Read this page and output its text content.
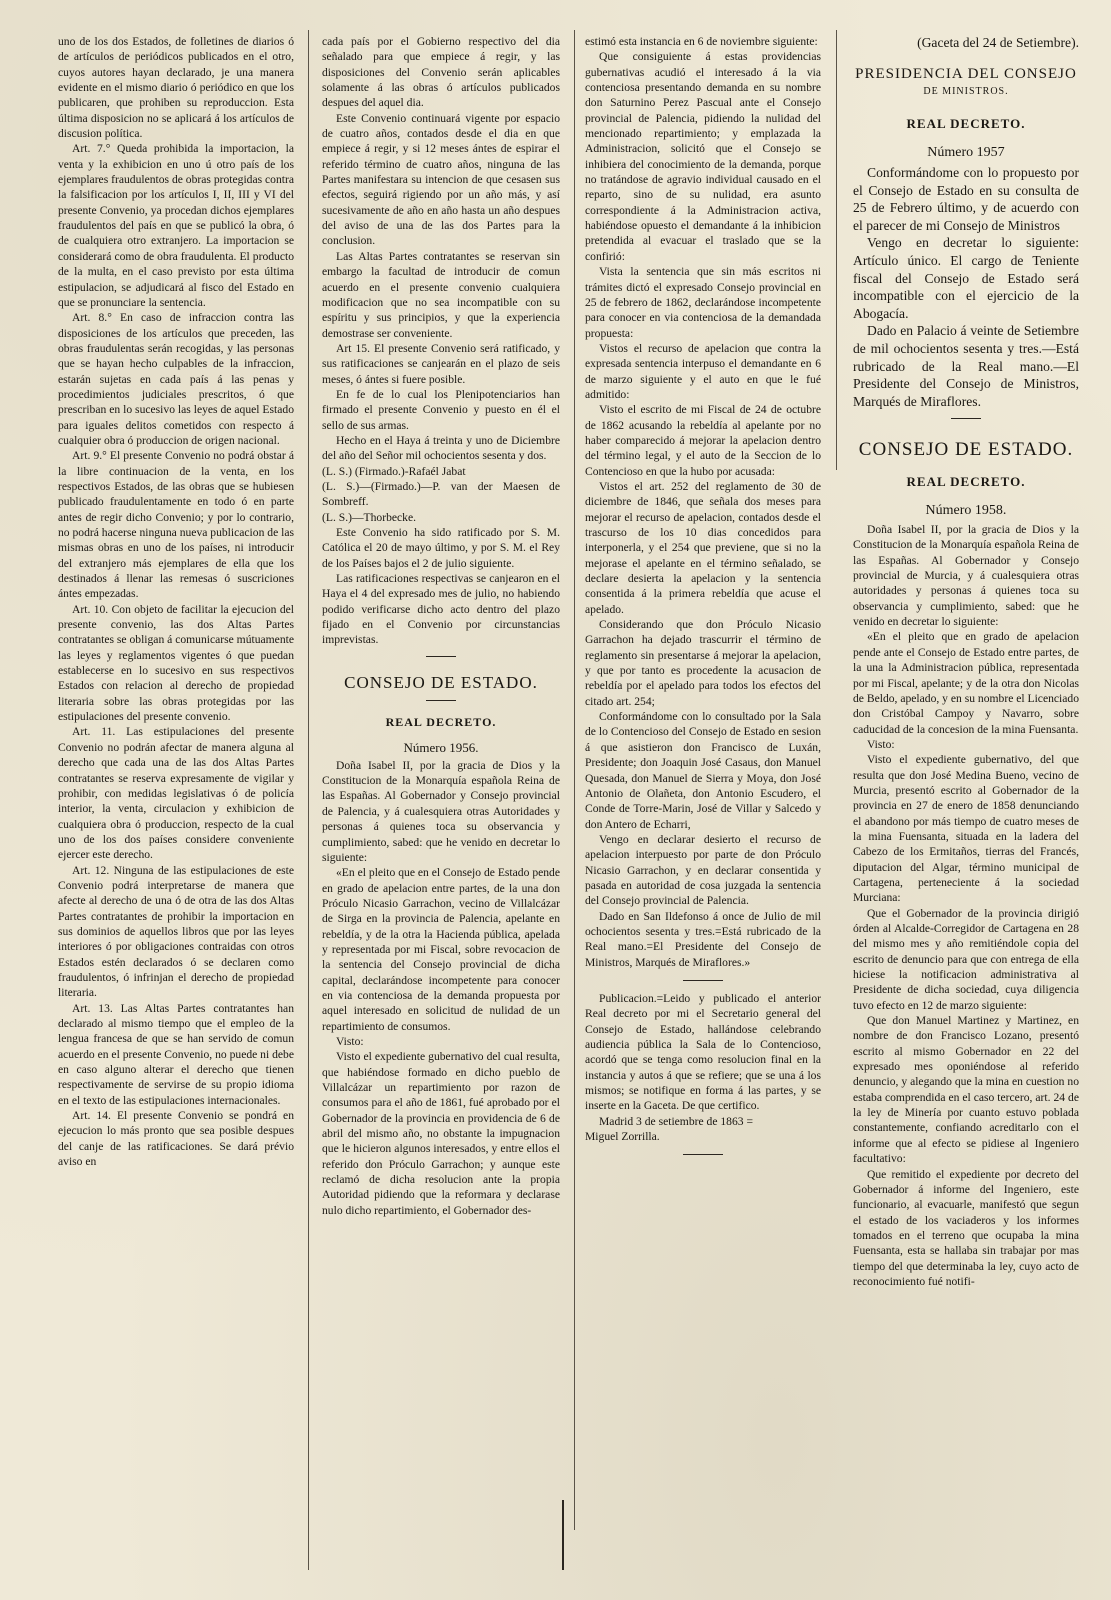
uno de los dos Estados, de folletines de diarios ó de artículos de periódicos publicados en el otro, cuyos autores hayan declarado, je una manera evidente en el mismo diario ó periódico en que los publicaren, que prohiben su reproduccion. Esta última disposicion no se aplicará á los artículos de discusion política.

Art. 7.° Queda prohibida la importacion, la venta y la exhibicion en uno ú otro país de los ejemplares fraudulentos de obras protegidas contra la falsificacion por los artículos I, II, III y VI del presente Convenio, ya procedan dichos ejemplares fraudulentos del país en que se publicó la obra, ó de cualquiera otro extranjero. La importacion se considerará como de obra fraudulenta. El producto de la multa, en el caso previsto por esta última estipulacion, se adjudicará al fisco del Estado en que se pronunciare la sentencia.

Art. 8.° En caso de infraccion contra las disposiciones de los artículos que preceden, las obras fraudulentas serán recogidas, y las personas que se hayan hecho culpables de la infraccion, estarán sujetas en cada país á las penas y procedimientos judiciales prescritos, ó que prescriban en lo sucesivo las leyes de aquel Estado para iguales delitos cometidos con respecto á cualquier obra ó produccion de origen nacional.

Art. 9.° El presente Convenio no podrá obstar á la libre continuacion de la venta, en los respectivos Estados, de las obras que se hubiesen publicado fraudulentamente en todo ó en parte antes de regir dicho Convenio; y por lo contrario, no podrá hacerse ninguna nueva publicacion de las mismas obras en uno de los países, ni introducir del extranjero más ejemplares de ella que los destinados á llenar las remesas ó suscriciones ántes empezadas.

Art. 10. Con objeto de facilitar la ejecucion del presente convenio, las dos Altas Partes contratantes se obligan á comunicarse mútuamente las leyes y reglamentos vigentes ó que puedan establecerse en lo sucesivo en sus respectivos Estados con relacion al derecho de propiedad literaria sobre las obras protegidas por las estipulaciones del presente convenio.

Art. 11. Las estipulaciones del presente Convenio no podrán afectar de manera alguna al derecho que cada una de las dos Altas Partes contratantes se reserva expresamente de vigilar y prohibir, con medidas legislativas ó de policía interior, la venta, circulacion y exhibicion de cualquiera obra ó produccion, respecto de la cual uno de los dos países considere conveniente ejercer este derecho.

Art. 12. Ninguna de las estipulaciones de este Convenio podrá interpretarse de manera que afecte al derecho de una ó de otra de las dos Altas Partes contratantes de prohibir la importacion en sus dominios de aquellos libros que por las leyes interiores ó por obligaciones contraidas con otros Estados estén declarados ó se declaren como fraudulentos, ó infrinjan el derecho de propiedad literaria.

Art. 13. Las Altas Partes contratantes han declarado al mismo tiempo que el empleo de la lengua francesa de que se han servido de comun acuerdo en el presente Convenio, no puede ni debe en caso alguno alterar el derecho que tienen respectivamente de servirse de su propio idioma en el texto de las estipulaciones internacionales.

Art. 14. El presente Convenio se pondrá en ejecucion lo más pronto que sea posible despues del canje de las ratificaciones. Se dará prévio aviso en

cada país por el Gobierno respectivo del dia señalado para que empiece á regir, y las disposiciones del Convenio serán aplicables solamente á las obras ó artículos publicados despues del aquel dia.

Este Convenio continuará vigente por espacio de cuatro años, contados desde el dia en que empiece á regir, y si 12 meses ántes de espirar el referido término de cuatro años, ninguna de las Partes manifestara su intencion de que cesasen sus efectos, seguirá rigiendo por un año más, y así sucesivamente de año en año hasta un año despues del aviso de una de las dos Partes para la conclusion.

Las Altas Partes contratantes se reservan sin embargo la facultad de introducir de comun acuerdo en el presente convenio cualquiera modificacion que no sea incompatible con su espíritu y sus principios, y que la experiencia demostrase ser conveniente.

Art 15. El presente Convenio será ratificado, y sus ratificaciones se canjearán en el plazo de seis meses, ó ántes si fuere posible.

En fe de lo cual los Plenipotenciarios han firmado el presente Convenio y puesto en él el sello de sus armas.

Hecho en el Haya á treinta y uno de Diciembre del año del Señor mil ochocientos sesenta y dos.

(L. S.) (Firmado.)-Rafaél Jabat

(L. S.)—(Firmado.)—P. van der Maesen de Sombreff.

(L. S.)—Thorbecke.

Este Convenio ha sido ratificado por S. M. Católica el 20 de mayo último, y por S. M. el Rey de los Países bajos el 2 de julio siguiente.

Las ratificaciones respectivas se canjearon en el Haya el 4 del expresado mes de julio, no habiendo podido verificarse dicho acto dentro del plazo fijado en el Convenio por circunstancias imprevistas.

CONSEJO DE ESTADO.
REAL DECRETO.
Número 1956.

Doña Isabel II, por la gracia de Dios y la Constitucion de la Monarquía española Reina de las Españas. Al Gobernador y Consejo provincial de Palencia, y á cualesquiera otras Autoridades y personas á quienes toca su observancia y cumplimiento, sabed: que he venido en decretar lo siguiente:

«En el pleito que en el Consejo de Estado pende en grado de apelacion entre partes, de la una don Próculo Nicasio Garrachon, vecino de Villalcázar de Sirga en la provincia de Palencia, apelante en rebeldía, y de la otra la Hacienda pública, apelada y representada por mi Fiscal, sobre revocacion de la sentencia del Consejo provincial de dicha capital, declarándose incompetente para conocer en via contenciosa de la demanda propuesta por aquel interesado en solicitud de nulidad de un repartimiento de consumos.

Visto:

Visto el expediente gubernativo del cual resulta, que habiéndose formado en dicho pueblo de Villalcázar un repartimiento por razon de consumos para el año de 1861, fué aprobado por el Gobernador de la provincia en providencia de 6 de abril del mismo año, no obstante la impugnacion que le hicieron algunos interesados, y entre ellos el referido don Próculo Garrachon; y aunque este reclamó de dicha resolucion ante la propia Autoridad pidiendo que la reformara y declarase nulo dicho repartimiento, el Gobernador des-

estimó esta instancia en 6 de noviembre siguiente:

Que consiguiente á estas providencias gubernativas acudió el interesado á la via contenciosa presentando demanda en su nombre don Saturnino Perez Pascual ante el Consejo provincial de Palencia, pidiendo la nulidad del mencionado repartimiento; y emplazada la Administracion, solicitó que el Consejo se inhibiera del conocimiento de la demanda, porque no tratándose de agravio individual causado en el reparto, sino de su nulidad, era asunto correspondiente á la Administracion activa, habiéndose opuesto el demandante á la inhibicion pretendida al evacuar el traslado que se la confirió:

Vista la sentencia que sin más escritos ni trámites dictó el expresado Consejo provincial en 25 de febrero de 1862, declarándose incompetente para conocer en via contenciosa de la demandada propuesta:

Vistos el recurso de apelacion que contra la expresada sentencia interpuso el demandante en 6 de marzo siguiente y el auto en que le fué admitido:

Visto el escrito de mi Fiscal de 24 de octubre de 1862 acusando la rebeldía al apelante por no haber comparecido á mejorar la apelacion dentro del término legal, y el auto de la Seccion de lo Contencioso en que la hubo por acusada:

Vistos el art. 252 del reglamento de 30 de diciembre de 1846, que señala dos meses para mejorar el recurso de apelacion, contados desde el trascurso de los 10 dias concedidos para interponerla, y el 254 que previene, que si no la mejorase el apelante en el término señalado, se declare desierta la apelacion y la sentencia consentida á la primera rebeldía que acuse el apelado.

Considerando que don Próculo Nicasio Garrachon ha dejado trascurrir el término de reglamento sin presentarse á mejorar la apelacion, y que por tanto es procedente la acusacion de rebeldía por el apelado para todos los efectos del citado art. 254;

Conformándome con lo consultado por la Sala de lo Contencioso del Consejo de Estado en sesion á que asistieron don Francisco de Luxán, Presidente; don Joaquin José Casaus, don Manuel Quesada, don Manuel de Sierra y Moya, don José Antonio de Olañeta, don Antonio Escudero, el Conde de Torre-Marin, José de Villar y Salcedo y don Antero de Echarri,

Vengo en declarar desierto el recurso de apelacion interpuesto por parte de don Próculo Nicasio Garrachon, y en declarar consentida y pasada en autoridad de cosa juzgada la sentencia del Consejo provincial de Palencia.

Dado en San Ildefonso á once de Julio de mil ochocientos sesenta y tres.=Está rubricado de la Real mano.=El Presidente del Consejo de Ministros, Marqués de Miraflores.»

Publicacion.=Leido y publicado el anterior Real decreto por mi el Secretario general del Consejo de Estado, hallándose celebrando audiencia pública la Sala de lo Contencioso, acordó que se tenga como resolucion final en la instancia y autos á que se refiere; que se una á los mismos; se notifique en forma á las partes, y se inserte en la Gaceta. De que certifico.

Madrid 3 de setiembre de 1863 =

Miguel Zorrilla.

(Gaceta del 24 de Setiembre).

PRESIDENCIA DEL CONSEJO
DE MINISTROS.
REAL DECRETO.
Número 1957

Conformándome con lo propuesto por el Consejo de Estado en su consulta de 25 de Febrero último, y de acuerdo con el parecer de mi Consejo de Ministros

Vengo en decretar lo siguiente: Artículo único. El cargo de Teniente fiscal del Consejo de Estado será incompatible con el ejercicio de la Abogacía.

Dado en Palacio á veinte de Setiembre de mil ochocientos sesenta y tres.—Está rubricado de la Real mano.—El Presidente del Consejo de Ministros, Marqués de Miraflores.

CONSEJO DE ESTADO.
REAL DECRETO.
Número 1958.

Doña Isabel II, por la gracia de Dios y la Constitucion de la Monarquía española Reina de las Españas. Al Gobernador y Consejo provincial de Murcia, y á cualesquiera otras autoridades y personas á quienes toca su observancia y cumplimiento, sabed: que he venido en decretar lo siguiente:

«En el pleito que en grado de apelacion pende ante el Consejo de Estado entre partes, de la una la Administracion pública, representada por mi Fiscal, apelante; y de la otra don Nicolas de Beldo, apelado, y en su nombre el Licenciado don Cristóbal Campoy y Navarro, sobre caducidad de la concesion de la mina Fuensanta.

Visto:

Visto el expediente gubernativo, del que resulta que don José Medina Bueno, vecino de Murcia, presentó escrito al Gobernador de la provincia en 27 de enero de 1858 denunciando el abandono por más tiempo de cuatro meses de la mina Fuensanta, situada en la ladera del Cabezo de los Ermitaños, tierras del Francés, diputacion del Algar, término municipal de Cartagena, perteneciente á la sociedad Murciana:

Que el Gobernador de la provincia dirigió órden al Alcalde-Corregidor de Cartagena en 28 del mismo mes y año remitiéndole copia del escrito de denuncio para que con entrega de ella hiciese la notificacion administrativa al Presidente de dicha sociedad, cuya diligencia tuvo efecto en 12 de marzo siguiente:

Que don Manuel Martinez y Martinez, en nombre de don Francisco Lozano, presentó escrito al mismo Gobernador en 22 del expresado mes oponiéndose al referido denuncio, y alegando que la mina en cuestion no estaba comprendida en el caso tercero, art. 24 de la ley de Minería por cuanto estuvo poblada constantemente, confiando acreditarlo con el informe que al efecto se pidiese al Ingeniero facultativo:

Que remitido el expediente por decreto del Gobernador á informe del Ingeniero, este funcionario, al evacuarle, manifestó que segun el estado de los vaciaderos y los informes tomados en el terreno que ocupaba la mina Fuensanta, esta se hallaba sin trabajar por mas tiempo del que determinaba la ley, cuyo acto de reconocimiento fué notifi-
